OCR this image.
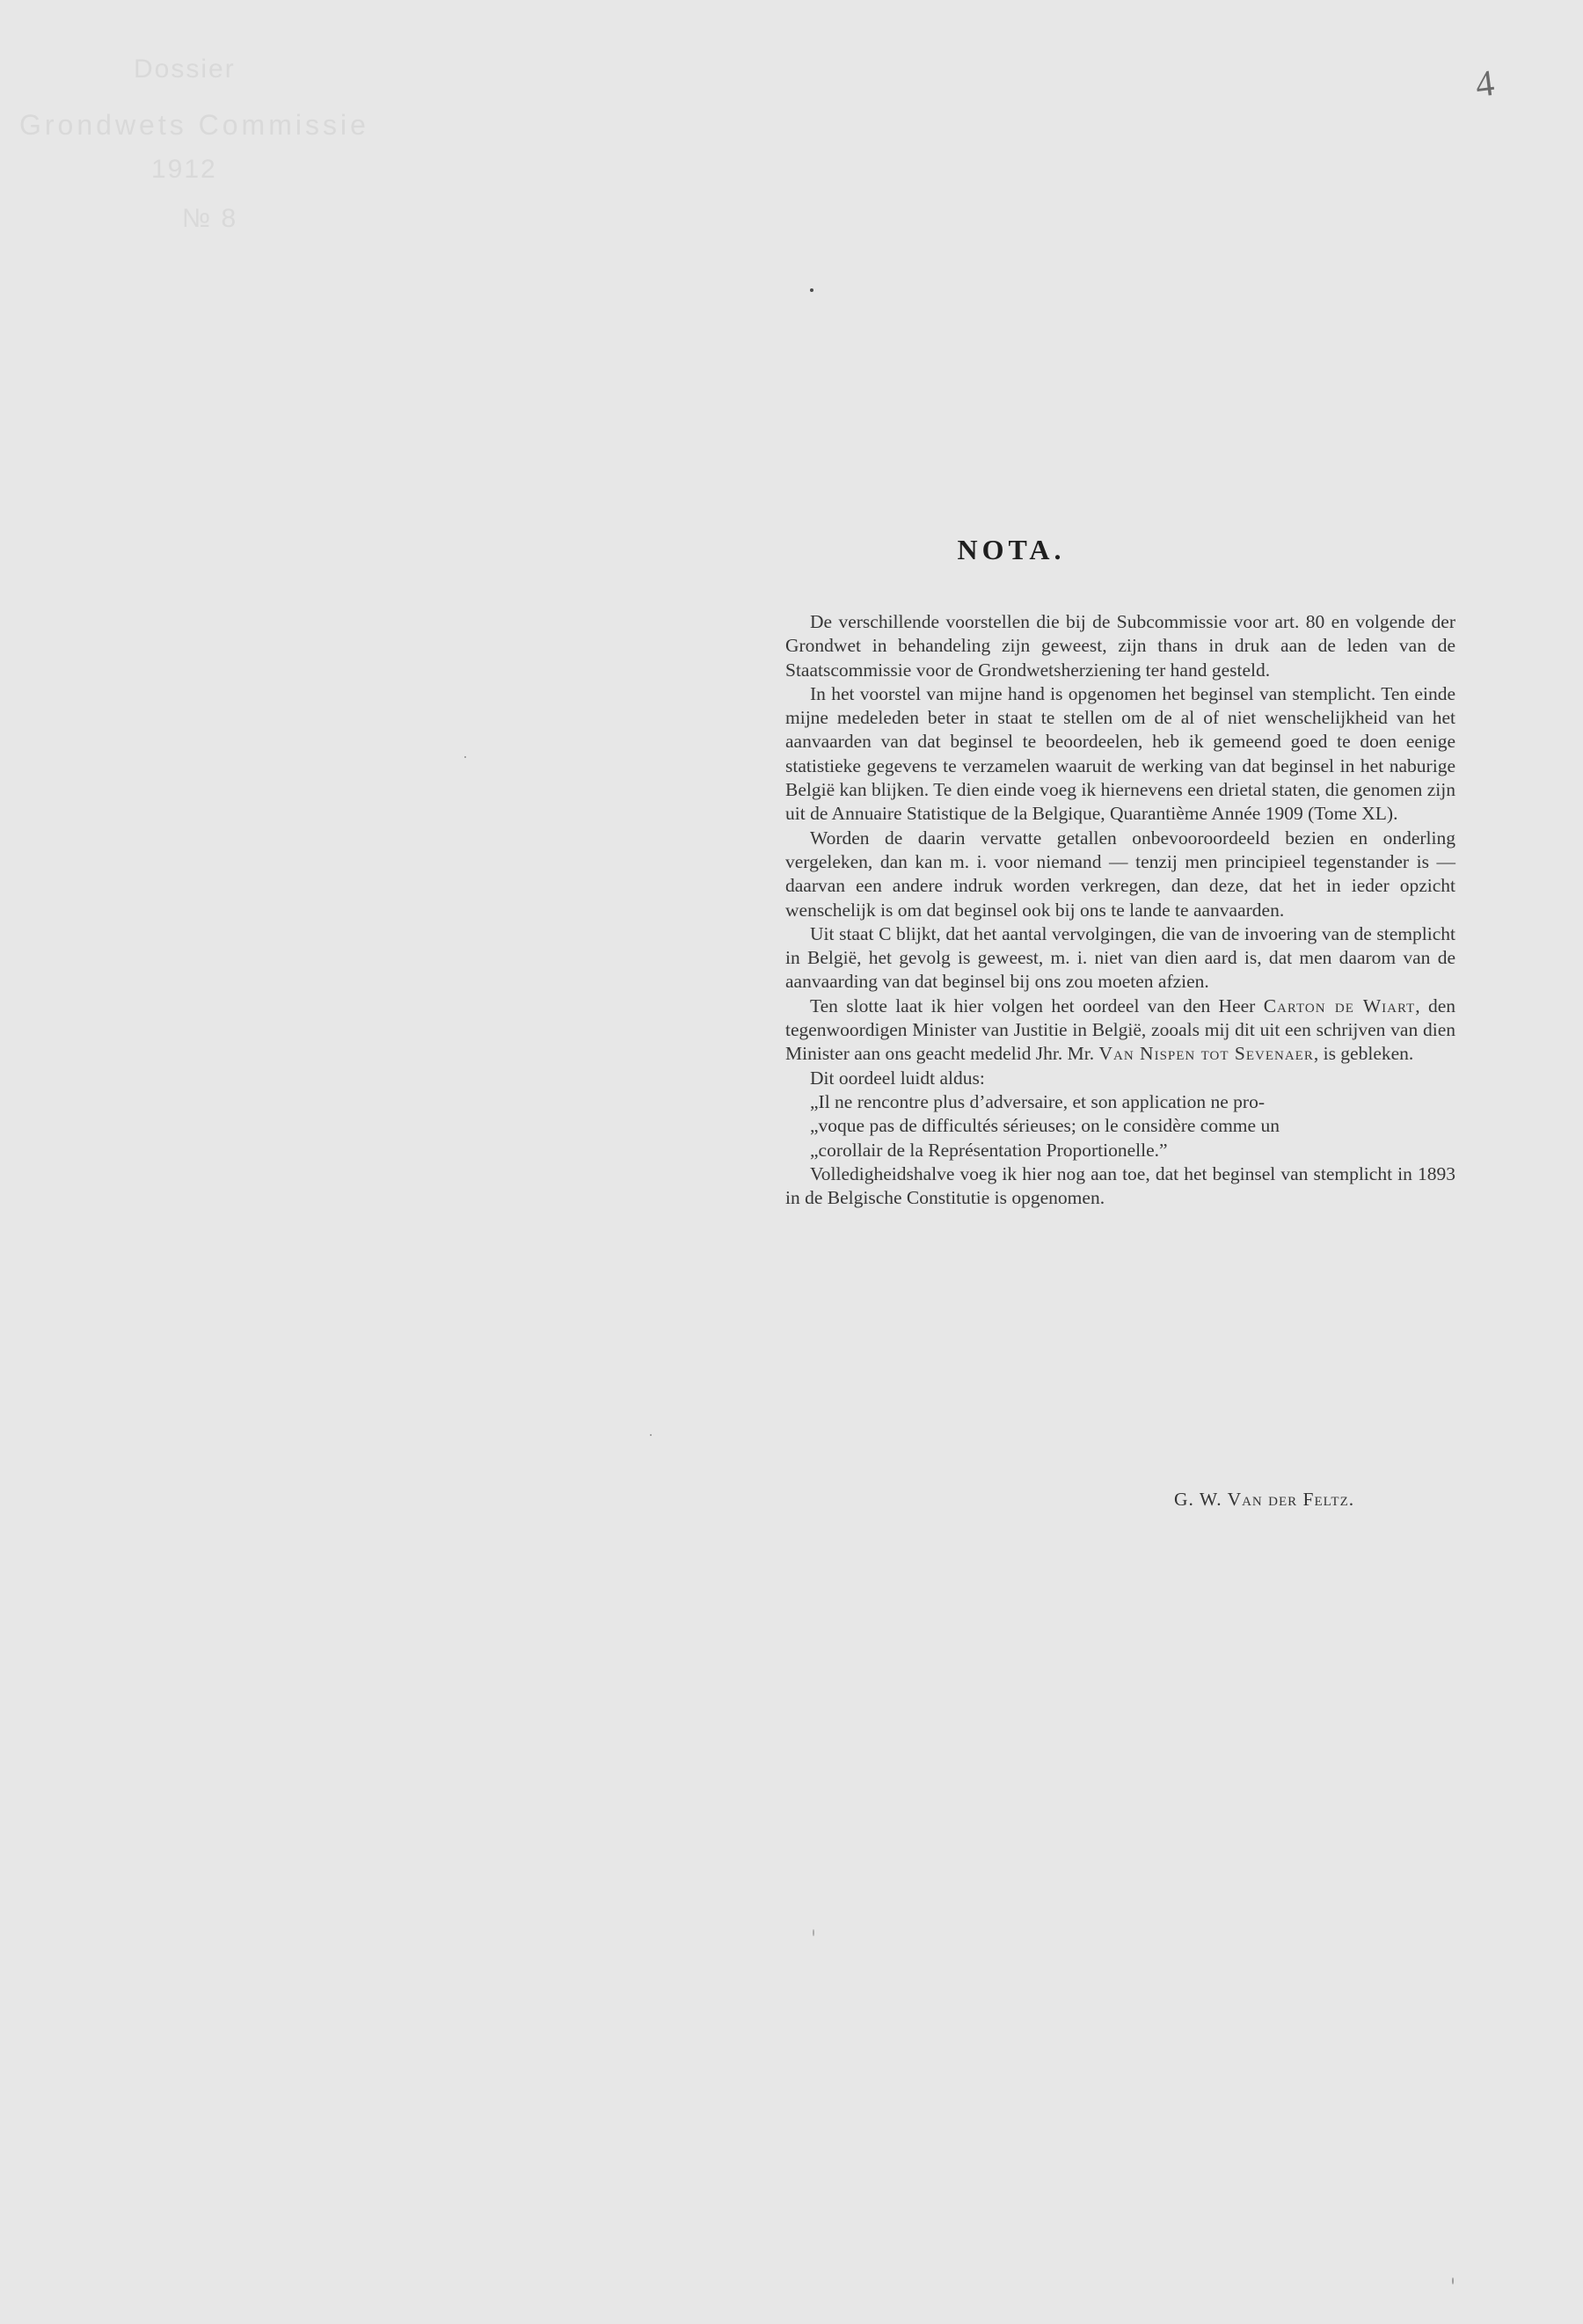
Dossier
Grondwets Commissie
1912
№ 8
4
NOTA.

De verschillende voorstellen die bij de Subcommissie voor art. 80 en volgende der Grondwet in behandeling zijn geweest, zijn thans in druk aan de leden van de Staatscommissie voor de Grondwetsherziening ter hand gesteld.

In het voorstel van mijne hand is opgenomen het beginsel van stemplicht. Ten einde mijne medeleden beter in staat te stellen om de al of niet wenschelijkheid van het aanvaarden van dat beginsel te beoordeelen, heb ik gemeend goed te doen eenige statistieke gegevens te verzamelen waaruit de werking van dat beginsel in het naburige België kan blijken. Te dien einde voeg ik hiernevens een drietal staten, die genomen zijn uit de Annuaire Statistique de la Belgique, Quarantième Année 1909 (Tome XL).

Worden de daarin vervatte getallen onbevooroordeeld bezien en onderling vergeleken, dan kan m. i. voor niemand — tenzij men principieel tegenstander is — daarvan een andere indruk worden verkregen, dan deze, dat het in ieder opzicht wenschelijk is om dat beginsel ook bij ons te lande te aanvaarden.

Uit staat C blijkt, dat het aantal vervolgingen, die van de invoering van de stemplicht in België, het gevolg is geweest, m. i. niet van dien aard is, dat men daarom van de aanvaarding van dat beginsel bij ons zou moeten afzien.

Ten slotte laat ik hier volgen het oordeel van den Heer Carton de Wiart, den tegenwoordigen Minister van Justitie in België, zooals mij dit uit een schrijven van dien Minister aan ons geacht medelid Jhr. Mr. Van Nispen tot Sevenaer, is gebleken.

Dit oordeel luidt aldus:

„Il ne rencontre plus d’adversaire, et son application ne pro-

„voque pas de difficultés sérieuses; on le considère comme un

„corollair de la Représentation Proportionelle.”

Volledigheidshalve voeg ik hier nog aan toe, dat het beginsel van stemplicht in 1893 in de Belgische Constitutie is opgenomen.

G. W. Van der Feltz.
